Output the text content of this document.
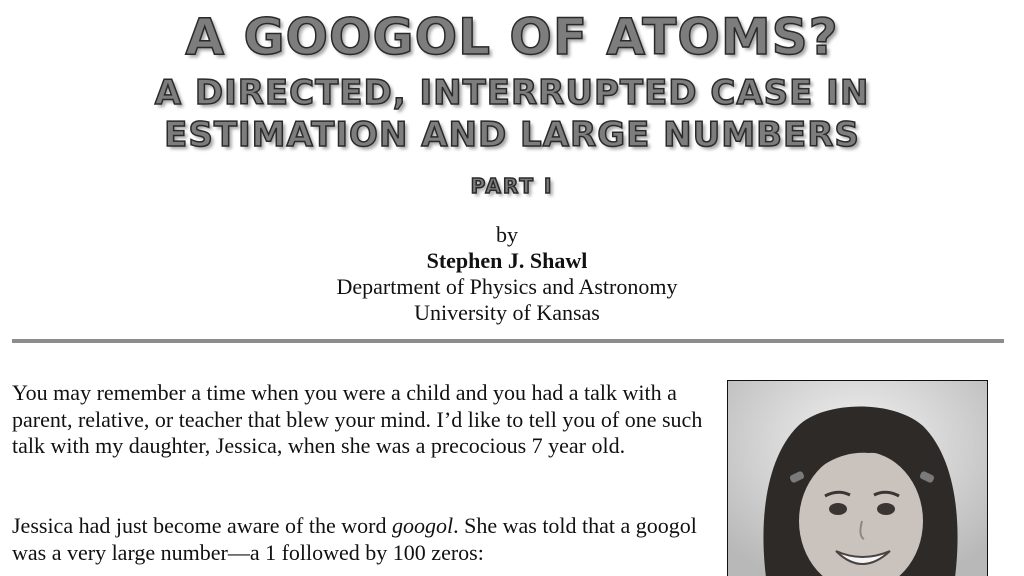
A GOOGOL OF ATOMS?
A DIRECTED, INTERRUPTED CASE IN
ESTIMATION AND LARGE NUMBERS
PART I
by
Stephen J. Shawl
Department of Physics and Astronomy
University of Kansas

You may remember a time when you were a child and you had a talk with a parent, relative, or teacher that blew your mind. I’d like to tell you of one such talk with my daughter, Jessica, when she was a precocious 7 year old.

Jessica had just become aware of the word googol. She was told that a googol was a very large number—a 1 followed by 100 zeros:
